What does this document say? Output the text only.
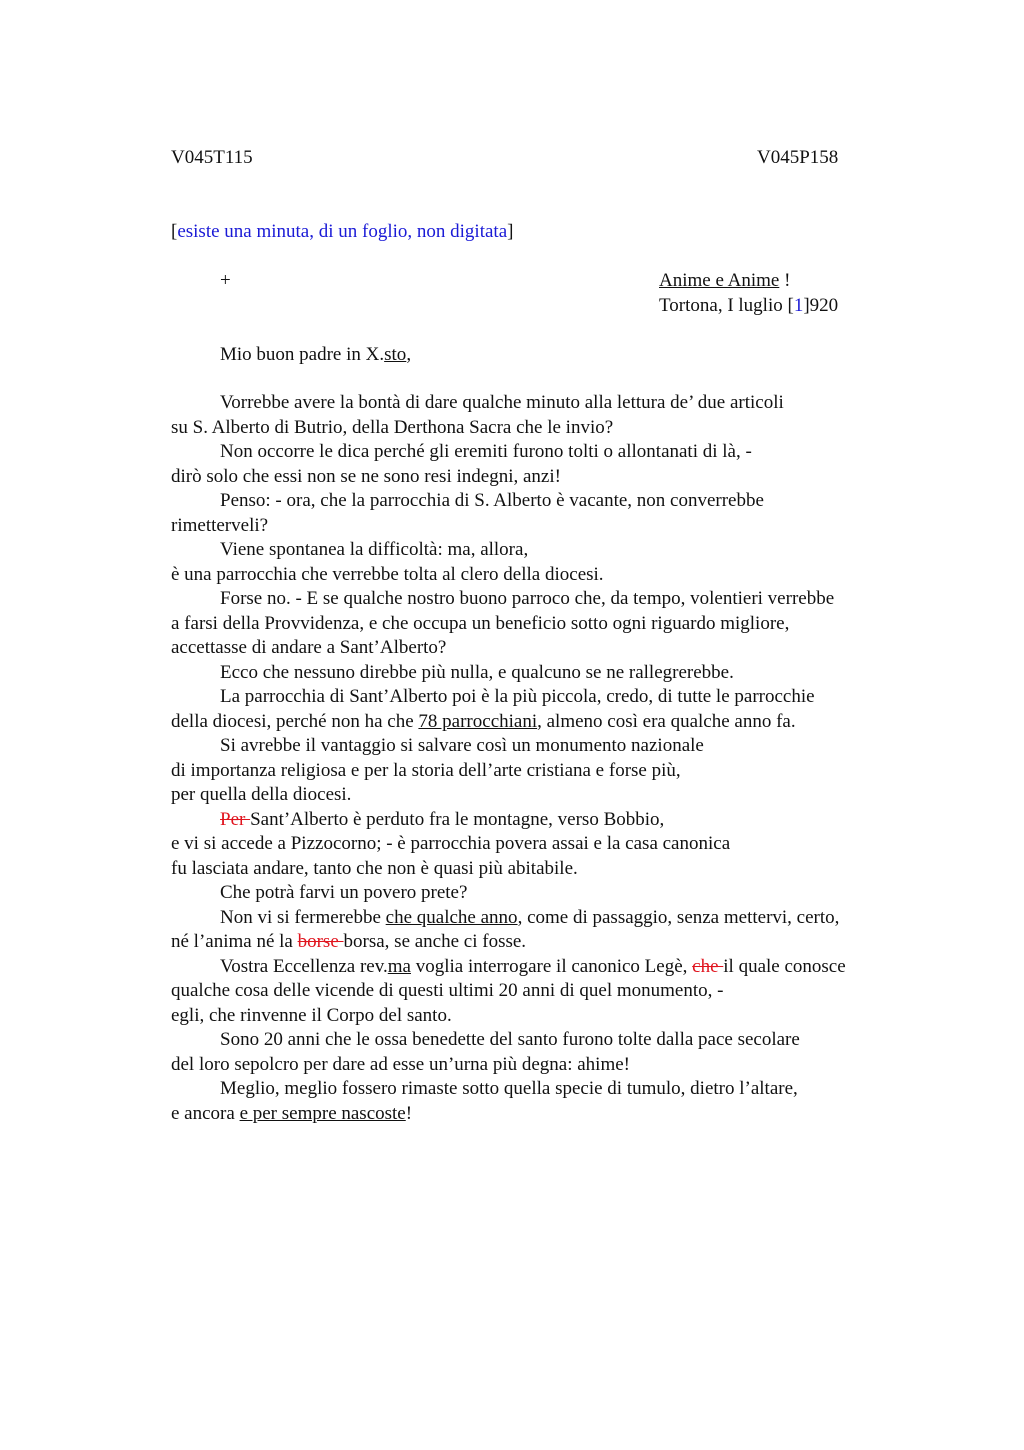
V045T115	V045P158
[esiste una minuta, di un foglio, non digitata]
+	Anime e Anime !
Tortona, I luglio [1]920
Mio buon padre in X.sto,

Vorrebbe avere la bontà di dare qualche minuto alla lettura de’ due articoli

su S. Alberto di Butrio, della Derthona Sacra che le invio?

Non occorre le dica perché gli eremiti furono tolti o allontanati di là, -

dirò solo che essi non se ne sono resi indegni, anzi!

Penso: - ora, che la parrocchia di S. Alberto è vacante, non converrebbe

rimetterveli?

Viene spontanea la difficoltà: ma, allora,

è una parrocchia che verrebbe tolta al clero della diocesi.

Forse no. - E se qualche nostro buono parroco che, da tempo, volentieri verrebbe

a farsi della Provvidenza, e che occupa un beneficio sotto ogni riguardo migliore,

accettasse di andare a Sant’Alberto?

Ecco che nessuno direbbe più nulla, e qualcuno se ne rallegrerebbe.

La parrocchia di Sant’Alberto poi è la più piccola, credo, di tutte le parrocchie

della diocesi, perché non ha che 78 parrocchiani, almeno così era qualche anno fa.

Si avrebbe il vantaggio si salvare così un monumento nazionale

di importanza religiosa e per la storia dell’arte cristiana e forse più,

per quella della diocesi.

Per Sant’Alberto è perduto fra le montagne, verso Bobbio,

e vi si accede a Pizzocorno; - è parrocchia povera assai e la casa canonica

fu lasciata andare, tanto che non è quasi più abitabile.

Che potrà farvi un povero prete?

Non vi si fermerebbe che qualche anno, come di passaggio, senza mettervi, certo,

né l’anima né la borse borsa, se anche ci fosse.

Vostra Eccellenza rev.ma voglia interrogare il canonico Legè, che il quale conosce

qualche cosa delle vicende di questi ultimi 20 anni di quel monumento, -

egli, che rinvenne il Corpo del santo.

Sono 20 anni che le ossa benedette del santo furono tolte dalla pace secolare

del loro sepolcro per dare ad esse un’urna più degna: ahime!

Meglio, meglio fossero rimaste sotto quella specie di tumulo, dietro l’altare,

e ancora e per sempre nascoste!
